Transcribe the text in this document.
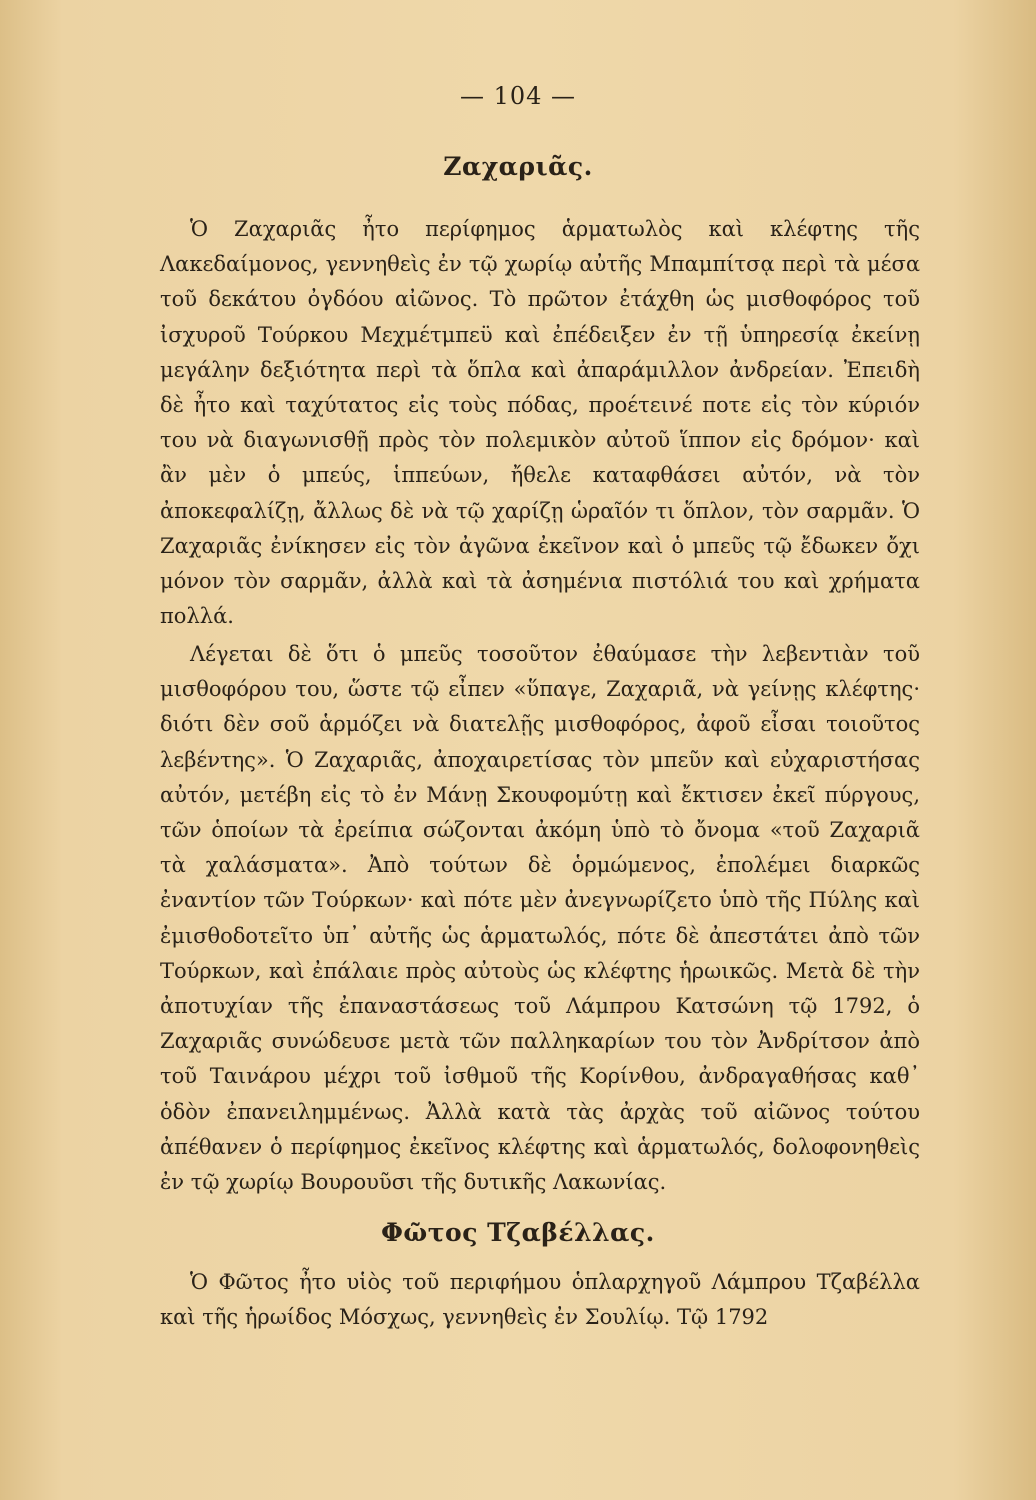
— 104 —
Ζαχαριᾶς.
Ὁ Ζαχαριᾶς ἦτο περίφημος ἁρματωλὸς καὶ κλέφτης τῆς Λακεδαίμονος, γεννηθεὶς ἐν τῷ χωρίῳ αὐτῆς Μπαμπίτσᾳ περὶ τὰ μέσα τοῦ δεκάτου ὀγδόου αἰῶνος. Τὸ πρῶτον ἐτάχθη ὡς μισθοφόρος τοῦ ἰσχυροῦ Τούρκου Μεχμέτμπεϋ καὶ ἐπέδειξεν ἐν τῇ ὑπηρεσίᾳ ἐκείνῃ μεγάλην δεξιότητα περὶ τὰ ὅπλα καὶ ἀπαράμιλλον ἀνδρείαν. Ἐπειδὴ δὲ ἦτο καὶ ταχύτατος εἰς τοὺς πόδας, προέτεινέ ποτε εἰς τὸν κύριόν του νὰ διαγωνισθῇ πρὸς τὸν πολεμικὸν αὐτοῦ ἵππον εἰς δρόμον· καὶ ἂν μὲν ὁ μπεύς, ἱππεύων, ἤθελε καταφθάσει αὐτόν, νὰ τὸν ἀποκεφαλίζῃ, ἄλλως δὲ νὰ τῷ χαρίζῃ ὡραῖόν τι ὅπλον, τὸν σαρμᾶν. Ὁ Ζαχαριᾶς ἐνίκησεν εἰς τὸν ἀγῶνα ἐκεῖνον καὶ ὁ μπεῦς τῷ ἔδωκεν ὄχι μόνον τὸν σαρμᾶν, ἀλλὰ καὶ τὰ ἀσημένια πιστόλιά του καὶ χρήματα πολλά.
Λέγεται δὲ ὅτι ὁ μπεῦς τοσοῦτον ἐθαύμασε τὴν λεβεντιὰν τοῦ μισθοφόρου του, ὥστε τῷ εἶπεν «ὕπαγε, Ζαχαριᾶ, νὰ γείνῃς κλέφτης· διότι δὲν σοῦ ἁρμόζει νὰ διατελῇς μισθοφόρος, ἀφοῦ εἶσαι τοιοῦτος λεβέντης». Ὁ Ζαχαριᾶς, ἀποχαιρετίσας τὸν μπεῦν καὶ εὐχαριστήσας αὐτόν, μετέβη εἰς τὸ ἐν Μάνῃ Σκουφομύτῃ καὶ ἔκτισεν ἐκεῖ πύργους, τῶν ὁποίων τὰ ἐρείπια σώζονται ἀκόμη ὑπὸ τὸ ὄνομα «τοῦ Ζαχαριᾶ τὰ χαλάσματα». Ἀπὸ τούτων δὲ ὁρμώμενος, ἐπολέμει διαρκῶς ἐναντίον τῶν Τούρκων· καὶ πότε μὲν ἀνεγνωρίζετο ὑπὸ τῆς Πύλης καὶ ἐμισθοδοτεῖτο ὑπ᾽ αὐτῆς ὡς ἁρματωλός, πότε δὲ ἀπεστάτει ἀπὸ τῶν Τούρκων, καὶ ἐπάλαιε πρὸς αὐτοὺς ὡς κλέφτης ἡρωικῶς. Μετὰ δὲ τὴν ἀποτυχίαν τῆς ἐπαναστάσεως τοῦ Λάμπρου Κατσώνη τῷ 1792, ὁ Ζαχαριᾶς συνώδευσε μετὰ τῶν παλληκαρίων του τὸν Ἀνδρίτσον ἀπὸ τοῦ Ταινάρου μέχρι τοῦ ἰσθμοῦ τῆς Κορίνθου, ἀνδραγαθήσας καθ᾽ ὁδὸν ἐπανειλημμένως. Ἀλλὰ κατὰ τὰς ἀρχὰς τοῦ αἰῶνος τούτου ἀπέθανεν ὁ περίφημος ἐκεῖνος κλέφτης καὶ ἁρματωλός, δολοφονηθεὶς ἐν τῷ χωρίῳ Βουρουῦσι τῆς δυτικῆς Λακωνίας.
Φῶτος Τζαβέλλας.
Ὁ Φῶτος ἦτο υἱὸς τοῦ περιφήμου ὁπλαρχηγοῦ Λάμπρου Τζαβέλλα καὶ τῆς ἡρωίδος Μόσχως, γεννηθεὶς ἐν Σουλίῳ. Τῷ 1792
